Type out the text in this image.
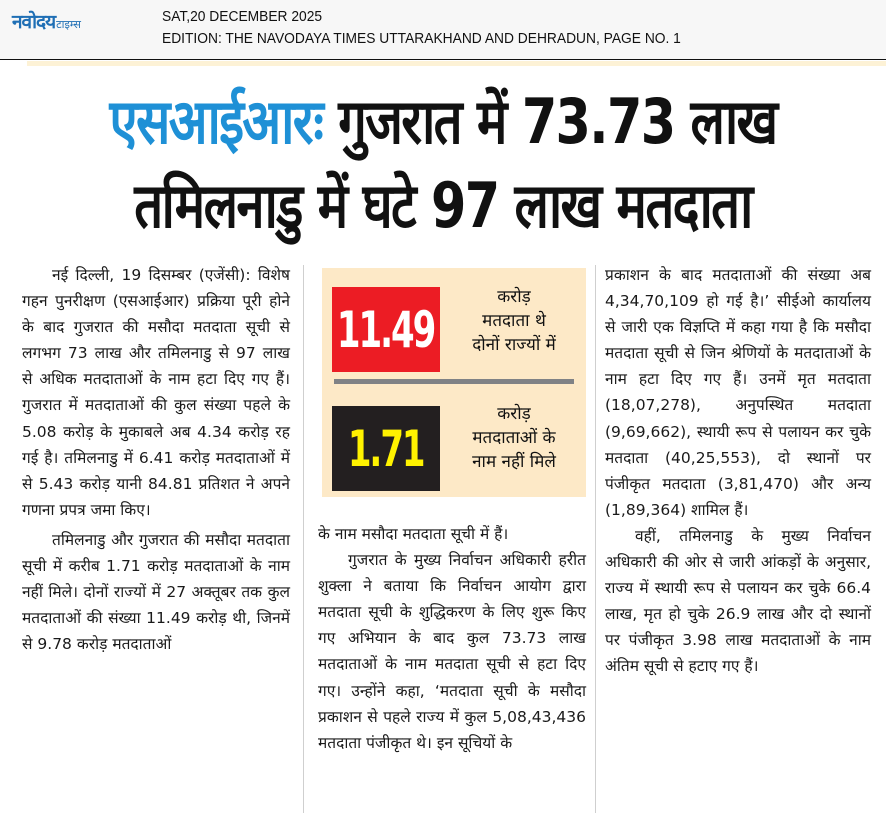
नवोदय टाइम्स	SAT,20 DECEMBER 2025
EDITION: THE NAVODAYA TIMES UTTARAKHAND AND DEHRADUN, PAGE NO. 1
एसआईआरः गुजरात में 73.73 लाख
तमिलनाडु में घटे 97 लाख मतदाता

नई दिल्ली, 19 दिसम्बर (एजेंसी): विशेष गहन पुनरीक्षण (एसआईआर) प्रक्रिया पूरी होने के बाद गुजरात की मसौदा मतदाता सूची से लगभग 73 लाख और तमिलनाडु से 97 लाख से अधिक मतदाताओं के नाम हटा दिए गए हैं। गुजरात में मतदाताओं की कुल संख्या पहले के 5.08 करोड़ के मुकाबले अब 4.34 करोड़ रह गई है। तमिलनाडु में 6.41 करोड़ मतदाताओं में से 5.43 करोड़ यानी 84.81 प्रतिशत ने अपने गणना प्रपत्र जमा किए।

तमिलनाडु और गुजरात की मसौदा मतदाता सूची में करीब 1.71 करोड़ मतदाताओं के नाम नहीं मिले। दोनों राज्यों में 27 अक्तूबर तक कुल मतदाताओं की संख्या 11.49 करोड़ थी, जिनमें से 9.78 करोड़ मतदाताओं

11.49
करोड़
मतदाता थे
दोनों राज्यों में
1.71
करोड़
मतदाताओं के
नाम नहीं मिले

के नाम मसौदा मतदाता सूची में हैं।

गुजरात के मुख्य निर्वाचन अधिकारी हरीत शुक्ला ने बताया कि निर्वाचन आयोग द्वारा मतदाता सूची के शुद्धिकरण के लिए शुरू किए गए अभियान के बाद कुल 73.73 लाख मतदाताओं के नाम मतदाता सूची से हटा दिए गए। उन्होंने कहा, ‘मतदाता सूची के मसौदा प्रकाशन से पहले राज्य में कुल 5,08,43,436 मतदाता पंजीकृत थे। इन सूचियों के

प्रकाशन के बाद मतदाताओं की संख्या अब 4,34,70,109 हो गई है।’ सीईओ कार्यालय से जारी एक विज्ञप्ति में कहा गया है कि मसौदा मतदाता सूची से जिन श्रेणियों के मतदाताओं के नाम हटा दिए गए हैं। उनमें मृत मतदाता (18,07,278), अनुपस्थित मतदाता (9,69,662), स्थायी रूप से पलायन कर चुके मतदाता (40,25,553), दो स्थानों पर पंजीकृत मतदाता (3,81,470) और अन्य (1,89,364) शामिल हैं।

वहीं, तमिलनाडु के मुख्य निर्वाचन अधिकारी की ओर से जारी आंकड़ों के अनुसार, राज्य में स्थायी रूप से पलायन कर चुके 66.4 लाख, मृत हो चुके 26.9 लाख और दो स्थानों पर पंजीकृत 3.98 लाख मतदाताओं के नाम अंतिम सूची से हटाए गए हैं।
